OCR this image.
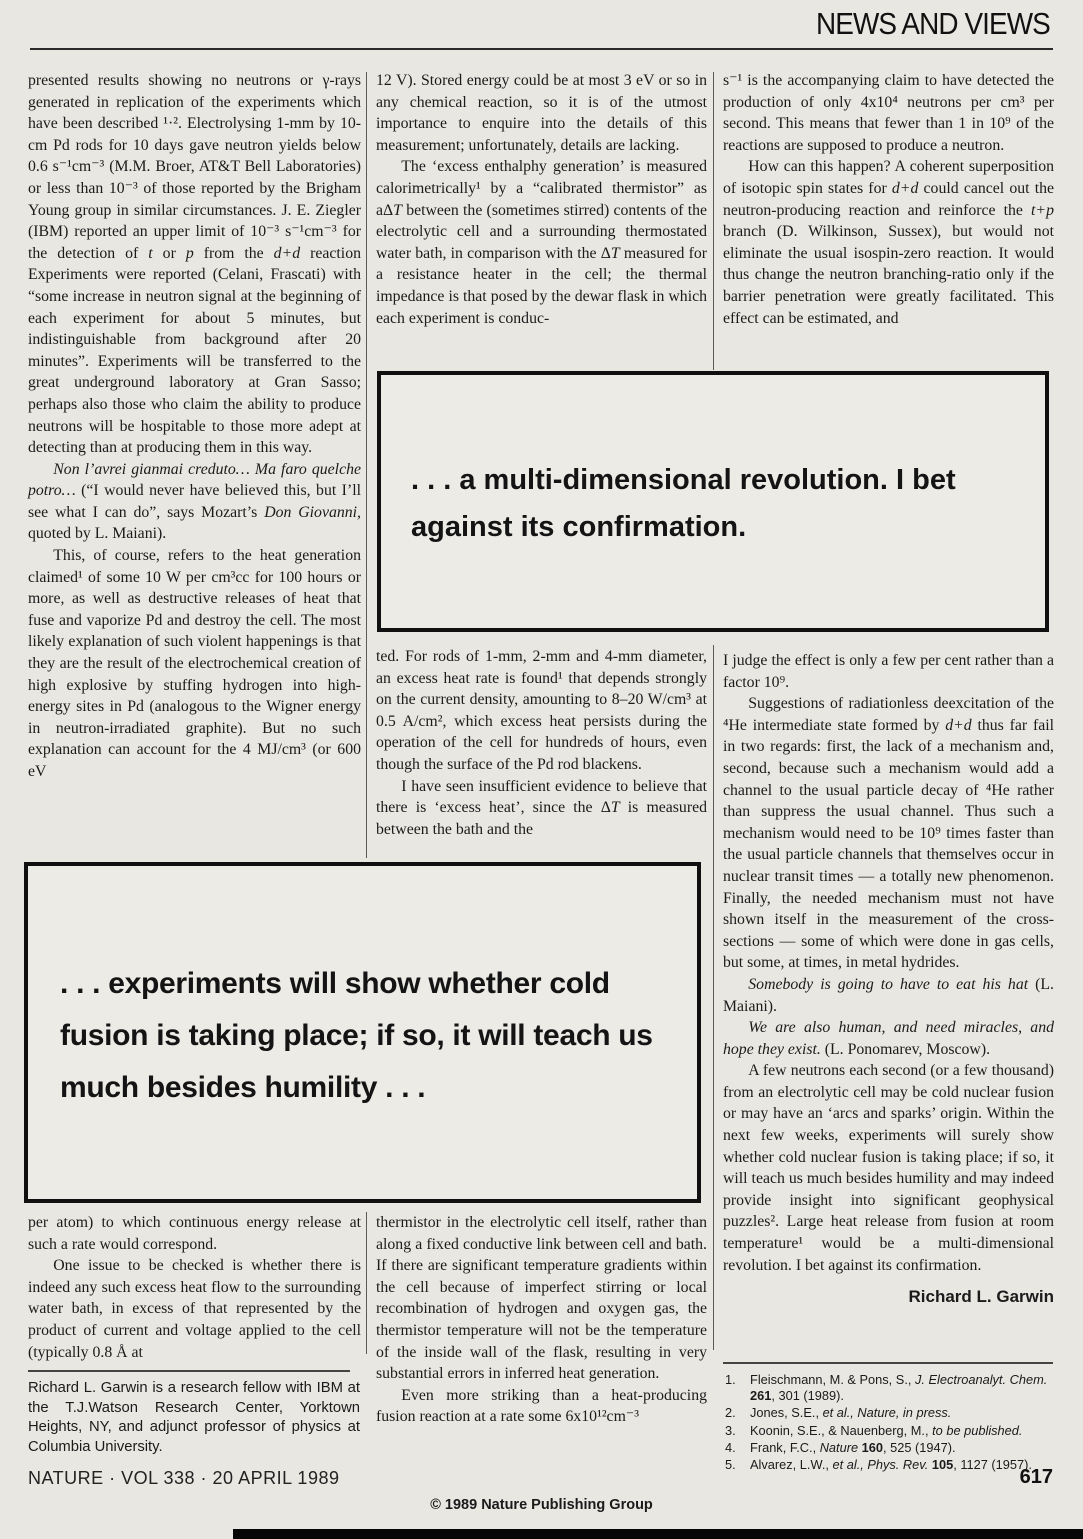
NEWS AND VIEWS

presented results showing no neutrons or γ-rays generated in replication of the experiments which have been described ¹·². Electrolysing 1-mm by 10-cm Pd rods for 10 days gave neutron yields below 0.6 s⁻¹cm⁻³ (M.M. Broer, AT&T Bell Laboratories) or less than 10⁻³ of those reported by the Brigham Young group in similar circumstances. J. E. Ziegler (IBM) reported an upper limit of 10⁻³ s⁻¹cm⁻³ for the detection of t or p from the d+d reaction Experiments were reported (Celani, Frascati) with “some increase in neutron signal at the beginning of each experiment for about 5 minutes, but indistinguishable from background after 20 minutes”. Experiments will be transferred to the great underground laboratory at Gran Sasso; perhaps also those who claim the ability to produce neutrons will be hospitable to those more adept at detecting than at producing them in this way.

Non l’avrei gianmai creduto… Ma faro quelche potro… (“I would never have believed this, but I’ll see what I can do”, says Mozart’s Don Giovanni, quoted by L. Maiani).

This, of course, refers to the heat generation claimed¹ of some 10 W per cm³cc for 100 hours or more, as well as destructive releases of heat that fuse and vaporize Pd and destroy the cell. The most likely explanation of such violent happenings is that they are the result of the electrochemical creation of high explosive by stuffing hydrogen into high-energy sites in Pd (analogous to the Wigner energy in neutron-irradiated graphite). But no such explanation can account for the 4 MJ/cm³ (or 600 eV

12 V). Stored energy could be at most 3 eV or so in any chemical reaction, so it is of the utmost importance to enquire into the details of this measurement; unfortunately, details are lacking.

The ‘excess enthalphy generation’ is measured calorimetrically¹ by a “calibrated thermistor” as aΔT between the (sometimes stirred) contents of the electrolytic cell and a surrounding thermostated water bath, in comparison with the ΔT measured for a resistance heater in the cell; the thermal impedance is that posed by the dewar flask in which each experiment is conduc-

s⁻¹ is the accompanying claim to have detected the production of only 4x10⁴ neutrons per cm³ per second. This means that fewer than 1 in 10⁹ of the reactions are supposed to produce a neutron.

How can this happen? A coherent superposition of isotopic spin states for d+d could cancel out the neutron-producing reaction and reinforce the t+p branch (D. Wilkinson, Sussex), but would not eliminate the usual isospin-zero reaction. It would thus change the neutron branching-ratio only if the barrier penetration were greatly facilitated. This effect can be estimated, and

. . . a multi-dimensional revolution. I bet against its confirmation.

ted. For rods of 1-mm, 2-mm and 4-mm diameter, an excess heat rate is found¹ that depends strongly on the current density, amounting to 8–20 W/cm³ at 0.5 A/cm², which excess heat persists during the operation of the cell for hundreds of hours, even though the surface of the Pd rod blackens.

I have seen insufficient evidence to believe that there is ‘excess heat’, since the ΔT is measured between the bath and the

I judge the effect is only a few per cent rather than a factor 10⁹.

Suggestions of radiationless deexcitation of the ⁴He intermediate state formed by d+d thus far fail in two regards: first, the lack of a mechanism and, second, because such a mechanism would add a channel to the usual particle decay of ⁴He rather than suppress the usual channel. Thus such a mechanism would need to be 10⁹ times faster than the usual particle channels that themselves occur in nuclear transit times — a totally new phenomenon. Finally, the needed mechanism must not have shown itself in the measurement of the cross-sections — some of which were done in gas cells, but some, at times, in metal hydrides.

Somebody is going to have to eat his hat (L. Maiani).

We are also human, and need miracles, and hope they exist. (L. Ponomarev, Moscow).

A few neutrons each second (or a few thousand) from an electrolytic cell may be cold nuclear fusion or may have an ‘arcs and sparks’ origin. Within the next few weeks, experiments will surely show whether cold nuclear fusion is taking place; if so, it will teach us much besides humility and may indeed provide insight into significant geophysical puzzles². Large heat release from fusion at room temperature¹ would be a multi-dimensional revolution. I bet against its confirmation.

Richard L. Garwin
. . . experiments will show whether cold fusion is taking place; if so, it will teach us much besides humility . . .

per atom) to which continuous energy release at such a rate would correspond.

One issue to be checked is whether there is indeed any such excess heat flow to the surrounding water bath, in excess of that represented by the product of current and voltage applied to the cell (typically 0.8 Å at

thermistor in the electrolytic cell itself, rather than along a fixed conductive link between cell and bath. If there are significant temperature gradients within the cell because of imperfect stirring or local recombination of hydrogen and oxygen gas, the thermistor temperature will not be the temperature of the inside wall of the flask, resulting in very substantial errors in inferred heat generation.

Even more striking than a heat-producing fusion reaction at a rate some 6x10¹²cm⁻³

Richard L. Garwin is a research fellow with IBM at the T.J.Watson Research Center, Yorktown Heights, NY, and adjunct professor of physics at Columbia University.
Fleischmann, M. & Pons, S., J. Electroanalyt. Chem. 261, 301 (1989).
Jones, S.E., et al., Nature, in press.
Koonin, S.E., & Nauenberg, M., to be published.
Frank, F.C., Nature 160, 525 (1947).
Alvarez, L.W., et al., Phys. Rev. 105, 1127 (1957).
NATURE · VOL 338 · 20 APRIL 1989	617
© 1989 Nature Publishing Group
